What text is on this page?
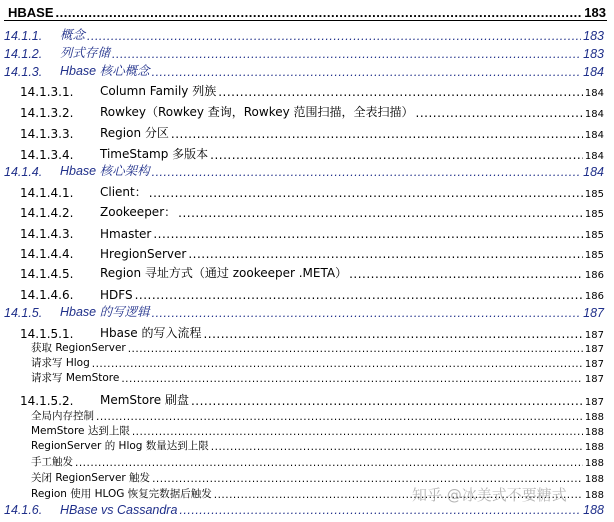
HBASE .....	183
14.1.1.	概念 .....	183
14.1.2.	列式存储 .....	183
14.1.3.	Hbase 核心概念 .....	184
14.1.3.1.	Column Family 列族 .....	184
14.1.3.2.	Rowkey（Rowkey 查询，Rowkey 范围扫描，全表扫描） .....	184
14.1.3.3.	Region 分区 .....	184
14.1.3.4.	TimeStamp 多版本 .....	184
14.1.4.	Hbase 核心架构 .....	184
14.1.4.1.	Client： .....	185
14.1.4.2.	Zookeeper： .....	185
14.1.4.3.	Hmaster .....	185
14.1.4.4.	HregionServer .....	185
14.1.4.5.	Region 寻址方式（通过 zookeeper .META） .....	186
14.1.4.6.	HDFS .....	186
14.1.5.	Hbase 的写逻辑 .....	187
14.1.5.1.	Hbase 的写入流程 .....	187
获取 RegionServer .....	187
请求写 Hlog .....	187
请求写 MemStore .....	187
14.1.5.2.	MemStore 刷盘 .....	187
全局内存控制 .....	188
MemStore 达到上限 .....	188
RegionServer 的 Hlog 数量达到上限 .....	188
手工触发 .....	188
关闭 RegionServer 触发 .....	188
Region 使用 HLOG 恢复完数据后触发 .....	188
14.1.6.	HBase vs Cassandra .....	188
知乎 @冰美式不要糖式
